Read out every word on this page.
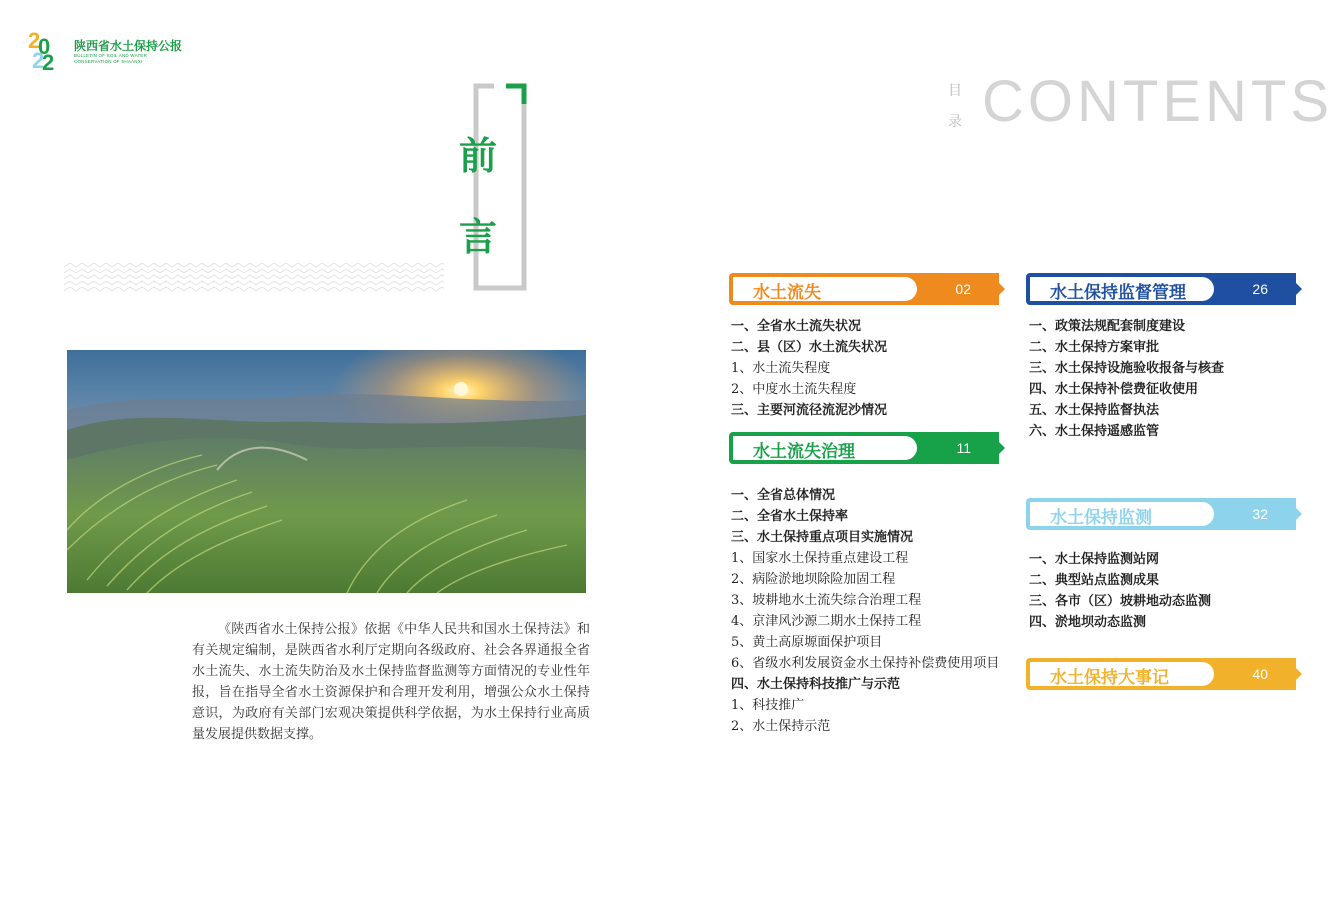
2
0
2
2
陕西省水土保持公报
BULLETIN OF SOIL AND WATER
CONSERVATION OF SHAANXI
前
言
《陕西省水土保持公报》依据《中华人民共和国水土保持法》和有关规定编制，是陕西省水利厅定期向各级政府、社会各界通报全省水土流失、水土流失防治及水土保持监督监测等方面情况的专业性年报，旨在指导全省水土资源保护和合理开发利用，增强公众水土保持意识，为政府有关部门宏观决策提供科学依据，为水土保持行业高质量发展提供数据支撑。
目
录 CONTENTS
水土流失	02
一、全省水土流失状况
二、县（区）水土流失状况
1、水土流失程度
2、中度水土流失程度
三、主要河流径流泥沙情况
水土流失治理	11
一、全省总体情况
二、全省水土保持率
三、水土保持重点项目实施情况
1、国家水土保持重点建设工程
2、病险淤地坝除险加固工程
3、坡耕地水土流失综合治理工程
4、京津风沙源二期水土保持工程
5、黄土高原塬面保护项目
6、省级水利发展资金水土保持补偿费使用项目
四、水土保持科技推广与示范
1、科技推广
2、水土保持示范
水土保持监督管理	26
一、政策法规配套制度建设
二、水土保持方案审批
三、水土保持设施验收报备与核查
四、水土保持补偿费征收使用
五、水土保持监督执法
六、水土保持遥感监管
水土保持监测	32
一、水土保持监测站网
二、典型站点监测成果
三、各市（区）坡耕地动态监测
四、淤地坝动态监测
水土保持大事记	40
